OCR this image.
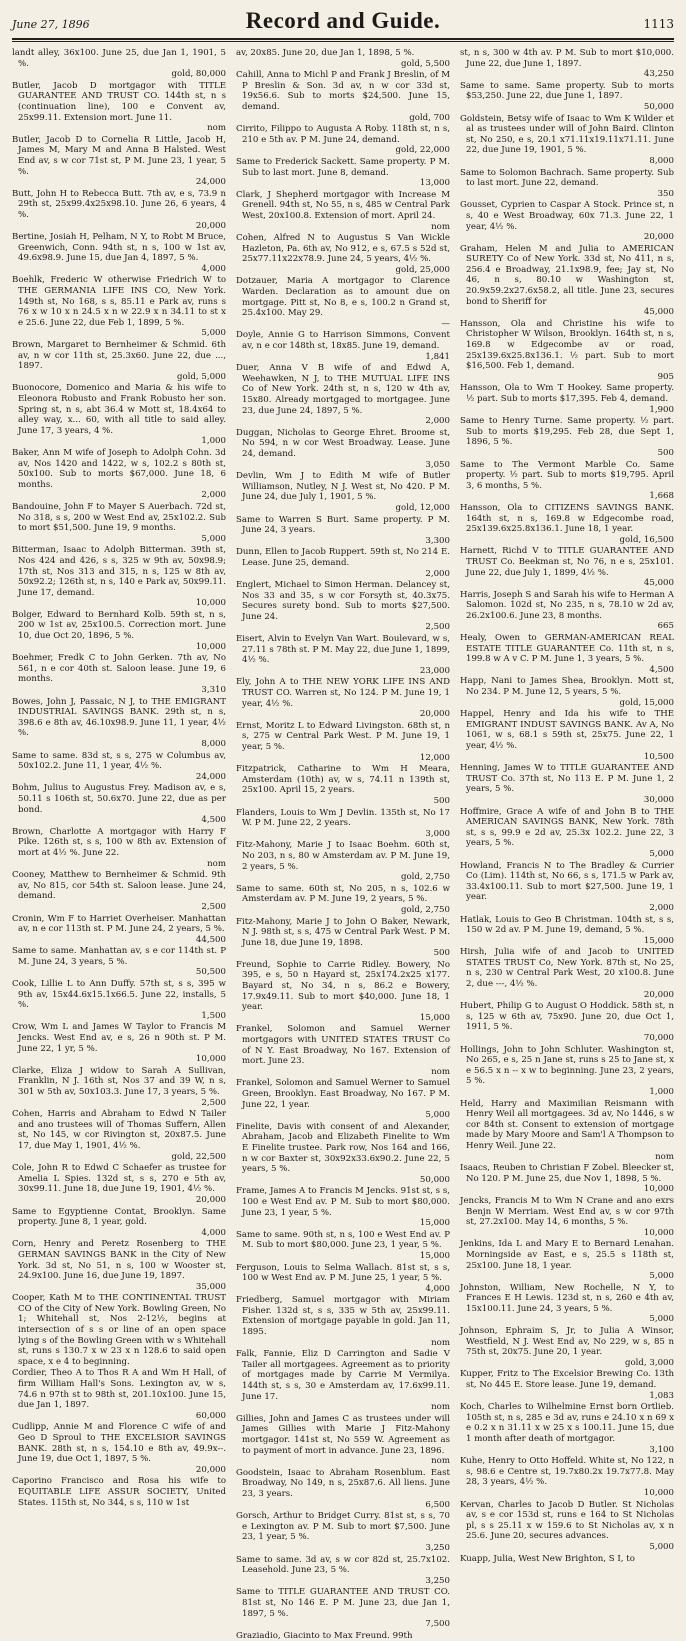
June 27, 1896	Record and Guide.	1113

landt alley, 36x100. June 25, due Jan 1, 1901, 5 %.
gold, 80,000

Butler, Jacob D mortgagor with TITLE GUARANTEE AND TRUST CO. 144th st, n s (continuation line), 100 e Convent av, 25x99.11. Extension mort. June 11.
nom

Butler, Jacob D to Cornelia R Little, Jacob H, James M, Mary M and Anna B Halsted. West End av, s w cor 71st st, P M. June 23, 1 year, 5 %.
24,000

Butt, John H to Rebecca Butt. 7th av, e s, 73.9 n 29th st, 25x99.4x25x98.10. June 26, 6 years, 4 %.
20,000

Bertine, Josiah H, Pelham, N Y, to Robt M Bruce, Greenwich, Conn. 94th st, n s, 100 w 1st av, 49.6x98.9. June 15, due Jan 4, 1897, 5 %.
4,000

Boehlk, Frederic W otherwise Friedrich W to THE GERMANIA LIFE INS CO, New York. 149th st, No 168, s s, 85.11 e Park av, runs s 76 x w 10 x n 24.5 x n w 22.9 x n 34.11 to st x e 25.6. June 22, due Feb 1, 1899, 5 %.
5,000

Brown, Margaret to Bernheimer & Schmid. 6th av, n w cor 11th st, 25.3x60. June 22, due ..., 1897.
gold, 5,000

Buonocore, Domenico and Maria & his wife to Eleonora Robusto and Frank Robusto her son. Spring st, n s, abt 36.4 w Mott st, 18.4x64 to alley way, x... 60, with all title to said alley. June 17, 3 years, 4 %.
1,000

Baker, Ann M wife of Joseph to Adolph Cohn. 3d av, Nos 1420 and 1422, w s, 102.2 s 80th st, 50x100. Sub to morts $67,000. June 18, 6 months.
2,000

Bandouine, John F to Mayer S Auerbach. 72d st, No 318, s s, 200 w West End av, 25x102.2. Sub to mort $51,500. June 19, 9 months.
5,000

Bitterman, Isaac to Adolph Bitterman. 39th st, Nos 424 and 426, s s, 325 w 9th av, 50x98.9; 17th st, Nos 313 and 315, n s, 125 w 8th av, 50x92.2; 126th st, n s, 140 e Park av, 50x99.11. June 17, demand.
10,000

Bolger, Edward to Bernhard Kolb. 59th st, n s, 200 w 1st av, 25x100.5. Correction mort. June 10, due Oct 20, 1896, 5 %.
10,000

Boehmer, Fredk C to John Gerken. 7th av, No 561, n e cor 40th st. Saloon lease. June 19, 6 months.
3,310

Bowes, John J, Passaic, N J, to THE EMIGRANT INDUSTRIAL SAVINGS BANK. 29th st, n s, 398.6 e 8th av, 46.10x98.9. June 11, 1 year, 4½ %.
8,000

Same to same. 83d st, s s, 275 w Columbus av, 50x102.2. June 11, 1 year, 4½ %.
24,000

Bohm, Julius to Augustus Frey. Madison av, e s, 50.11 s 106th st, 50.6x70. June 22, due as per bond.
4,500

Brown, Charlotte A mortgagor with Harry F Pike. 126th st, s s, 100 w 8th av. Extension of mort at 4½ %. June 22.
nom

Cooney, Matthew to Bernheimer & Schmid. 9th av, No 815, cor 54th st. Saloon lease. June 24, demand.
2,500

Cronin, Wm F to Harriet Overheiser. Manhattan av, n e cor 113th st. P M. June 24, 2 years, 5 %.
44,500

Same to same. Manhattan av, s e cor 114th st. P M. June 24, 3 years, 5 %.
50,500

Cook, Lillie L to Ann Duffy. 57th st, s s, 395 w 9th av, 15x44.6x15.1x66.5. June 22, installs, 5 %.
1,500

Crow, Wm L and James W Taylor to Francis M Jencks. West End av, e s, 26 n 90th st. P M. June 22, 1 yr, 5 %.
10,000

Clarke, Eliza J widow to Sarah A Sullivan, Franklin, N J. 16th st, Nos 37 and 39 W, n s, 301 w 5th av, 50x103.3. June 17, 3 years, 5 %.
2,500

Cohen, Harris and Abraham to Edwd N Tailer and ano trustees will of Thomas Suffern, Allen st, No 145, w cor Rivington st, 20x87.5. June 17, due May 1, 1901, 4½ %.
gold, 22,500

Cole, John R to Edwd C Schaefer as trustee for Amelia L Spies. 132d st, s s, 270 e 5th av, 30x99.11. June 18, due June 19, 1901, 4½ %.
20,000

Same to Egyptienne Contat, Brooklyn. Same property. June 8, 1 year, gold.
4,000

Corn, Henry and Peretz Rosenberg to THE GERMAN SAVINGS BANK in the City of New York. 3d st, No 51, n s, 100 w Wooster st, 24.9x100. June 16, due June 19, 1897.
35,000

Cooper, Kath M to THE CONTINENTAL TRUST CO of the City of New York. Bowling Green, No 1; Whitehall st, Nos 2-12½, begins at intersection of s s or line of an open space lying s of the Bowling Green with w s Whitehall st, runs s 130.7 x w 23 x n 128.6 to said open space, x e 4 to beginning.

Cordier, Theo A to Thos R A and Wm H Hall, of firm William Hall's Sons. Lexington av, w s, 74.6 n 97th st to 98th st, 201.10x100. June 15, due Jan 1, 1897.
60,000

Cudlipp, Annie M and Florence C wife of and Geo D Sproul to THE EXCELSIOR SAVINGS BANK. 28th st, n s, 154.10 e 8th av, 49.9x--. June 19, due Oct 1, 1897, 5 %.
20,000

Caporino Francisco and Rosa his wife to EQUITABLE LIFE ASSUR SOCIETY, United States. 115th st, No 344, s s, 110 w 1st

av, 20x85. June 20, due Jan 1, 1898, 5 %.
gold, 5,500

Cahill, Anna to Michl P and Frank J Breslin, of M P Breslin & Son. 3d av, n w cor 33d st, 19x56.6. Sub to morts $24,500. June 15, demand.
gold, 700

Cirrito, Filippo to Augusta A Roby. 118th st, n s, 210 e 5th av. P M. June 24, demand.
gold, 22,000

Same to Frederick Sackett. Same property. P M. Sub to last mort. June 8, demand.
13,000

Clark, J Shepherd mortgagor with Increase M Grenell. 94th st, No 55, n s, 485 w Central Park West, 20x100.8. Extension of mort. April 24.
nom

Cohen, Alfred N to Augustus S Van Wickle Hazleton, Pa. 6th av, No 912, e s, 67.5 s 52d st, 25x77.11x22x78.9. June 24, 5 years, 4½ %.
gold, 25,000

Dotzauer, Maria A mortgagor to Clarence Warden. Declaration as to amount due on mortgage. Pitt st, No 8, e s, 100.2 n Grand st, 25.4x100. May 29.
—

Doyle, Annie G to Harrison Simmons, Convent av, n e cor 148th st, 18x85. June 19, demand.
1,841

Duer, Anna V B wife of and Edwd A, Weehawken, N J, to THE MUTUAL LIFE INS Co of New York. 24th st, n s, 120 w 4th av, 15x80. Already mortgaged to mortgagee. June 23, due June 24, 1897, 5 %.
2,000

Duggan, Nicholas to George Ehret. Broome st, No 594, n w cor West Broadway. Lease. June 24, demand.
3,050

Devlin, Wm J to Edith M wife of Butler Williamson, Nutley, N J. West st, No 420. P M. June 24, due July 1, 1901, 5 %.
gold, 12,000

Same to Warren S Burt. Same property. P M. June 24, 3 years.
3,300

Dunn, Ellen to Jacob Ruppert. 59th st, No 214 E. Lease. June 25, demand.
2,000

Englert, Michael to Simon Herman. Delancey st, Nos 33 and 35, s w cor Forsyth st, 40.3x75. Secures surety bond. Sub to morts $27,500. June 24.
2,500

Eisert, Alvin to Evelyn Van Wart. Boulevard, w s, 27.11 s 78th st. P M. May 22, due June 1, 1899, 4½ %.
23,000

Ely, John A to THE NEW YORK LIFE INS AND TRUST CO. Warren st, No 124. P M. June 19, 1 year, 4½ %.
20,000

Ernst, Moritz L to Edward Livingston. 68th st, n s, 275 w Central Park West. P M. June 19, 1 year, 5 %.
12,000

Fitzpatrick, Catharine to Wm H Meara, Amsterdam (10th) av, w s, 74.11 n 139th st, 25x100. April 15, 2 years.
500

Flanders, Louis to Wm J Devlin. 135th st, No 17 W. P M. June 22, 2 years.
3,000

Fitz-Mahony, Marie J to Isaac Boehm. 60th st, No 203, n s, 80 w Amsterdam av. P M. June 19, 2 years, 5 %.
gold, 2,750

Same to same. 60th st, No 205, n s, 102.6 w Amsterdam av. P M. June 19, 2 years, 5 %.
gold, 2,750

Fitz-Mahony, Marie J to John O Baker, Newark, N J. 98th st, s s, 475 w Central Park West. P M. June 18, due June 19, 1898.
500

Freund, Sophie to Carrie Ridley. Bowery, No 395, e s, 50 n Hayard st, 25x174.2x25 x177. Bayard st, No 34, n s, 86.2 e Bowery, 17.9x49.11. Sub to mort $40,000. June 18, 1 year.
15,000

Frankel, Solomon and Samuel Werner mortgagors with UNITED STATES TRUST Co of N Y. East Broadway, No 167. Extension of mort. June 23.
nom

Frankel, Solomon and Samuel Werner to Samuel Green, Brooklyn. East Broadway, No 167. P M. June 22, 1 year.
5,000

Finelite, Davis with consent of and Alexander, Abraham, Jacob and Elizabeth Finelite to Wm E Finelite trustee. Park row, Nos 164 and 166, n w cor Baxter st, 30x92x33.6x90.2. June 22, 5 years, 5 %.
50,000

Frame, James A to Francis M Jencks. 91st st, s s, 100 e West End av. P M. Sub to mort $80,000. June 23, 1 year, 5 %.
15,000

Same to same. 90th st, n s, 100 e West End av. P M. Sub to mort $80,000. June 23, 1 year, 5 %.
15,000

Ferguson, Louis to Selma Wallach. 81st st, s s, 100 w West End av. P M. June 25, 1 year, 5 %.
4,000

Friedberg, Samuel mortgagor with Miriam Fisher. 132d st, s s, 335 w 5th av, 25x99.11. Extension of mortgage payable in gold. Jan 11, 1895.
nom

Falk, Fannie, Eliz D Carrington and Sadie V Tailer all mortgagees. Agreement as to priority of mortgages made by Carrie M Vermilya. 144th st, s s, 30 e Amsterdam av, 17.6x99.11. June 17.
nom

Gillies, John and James C as trustees under will James Gillies with Marie J Fitz-Mahony mortgagor. 141st st, No 559 W. Agreement as to payment of mort in advance. June 23, 1896.
nom

Goodstein, Isaac to Abraham Rosenblum. East Broadway, No 149, n s, 25x87.6. All liens. June 23, 3 years.
6,500

Gorsch, Arthur to Bridget Curry. 81st st, s s, 70 e Lexington av. P M. Sub to mort $7,500. June 23, 1 year, 5 %.
3,250

Same to same. 3d av, s w cor 82d st, 25.7x102. Leasehold. June 23, 5 %.
3,250

Same to TITLE GUARANTEE AND TRUST CO. 81st st, No 146 E. P M. June 23, due Jan 1, 1897, 5 %.
7,500

Graziadio, Giacinto to Max Freund. 99th

st, n s, 300 w 4th av. P M. Sub to mort $10,000. June 22, due June 1, 1897.
43,250

Same to same. Same property. Sub to morts $53,250. June 22, due June 1, 1897.
50,000

Goldstein, Betsy wife of Isaac to Wm K Wilder et al as trustees under will of John Baird. Clinton st, No 250, e s, 20.1 x71.11x19.11x71.11. June 22, due June 19, 1901, 5 %.
8,000

Same to Solomon Bachrach. Same property. Sub to last mort. June 22, demand.
350

Gousset, Cyprien to Caspar A Stock. Prince st, n s, 40 e West Broadway, 60x 71.3. June 22, 1 year, 4½ %.
20,000

Graham, Helen M and Julia to AMERICAN SURETY Co of New York. 33d st, No 411, n s, 256.4 e Broadway, 21.1x98.9, fee; Jay st, No 46, n s, 80.10 w Washington st, 20.9x59.2x27.6x58.2, all title. June 23, secures bond to Sheriff for
45,000

Hansson, Ola and Christine his wife to Christopher W Wilson, Brooklyn. 164th st, n s, 169.8 w Edgecombe av or road, 25x139.6x25.8x136.1. ½ part. Sub to mort $16,500. Feb 1, demand.
905

Hansson, Ola to Wm T Hookey. Same property. ½ part. Sub to morts $17,395. Feb 4, demand.
1,900

Same to Henry Turne. Same property. ½ part. Sub to morts $19,295. Feb 28, due Sept 1, 1896, 5 %.
500

Same to The Vermont Marble Co. Same property. ½ part. Sub to morts $19,795. April 3, 6 months, 5 %.
1,668

Hansson, Ola to CITIZENS SAVINGS BANK. 164th st, n s, 169.8 w Edgecombe road, 25x139.6x25.8x136.1. June 18, 1 year.
gold, 16,500

Harnett, Richd V to TITLE GUARANTEE AND TRUST Co. Beekman st, No 76, n e s, 25x101. June 22, due July 1, 1899, 4½ %.
45,000

Harris, Joseph S and Sarah his wife to Herman A Salomon. 102d st, No 235, n s, 78.10 w 2d av, 26.2x100.6. June 23, 8 months.
665

Healy, Owen to GERMAN-AMERICAN REAL ESTATE TITLE GUARANTEE Co. 11th st, n s, 199.8 w A v C. P M. June 1, 3 years, 5 %.
4,500

Happ, Nani to James Shea, Brooklyn. Mott st, No 234. P M. June 12, 5 years, 5 %.
gold, 15,000

Happel, Henry and Ida his wife to THE EMIGRANT INDUST SAVINGS BANK. Av A, No 1061, w s, 68.1 s 59th st, 25x75. June 22, 1 year, 4½ %.
10,500

Henning, James W to TITLE GUARANTEE AND TRUST Co. 37th st, No 113 E. P M. June 1, 2 years, 5 %.
30,000

Hoffmire, Grace A wife of and John B to THE AMERICAN SAVINGS BANK, New York. 78th st, s s, 99.9 e 2d av, 25.3x 102.2. June 22, 3 years, 5 %.
5,000

Howland, Francis N to The Bradley & Currier Co (Lim). 114th st, No 66, s s, 171.5 w Park av, 33.4x100.11. Sub to mort $27,500. June 19, 1 year.
2,000

Hatlak, Louis to Geo B Christman. 104th st, s s, 150 w 2d av. P M. June 19, demand, 5 %.
15,000

Hirsh, Julia wife of and Jacob to UNITED STATES TRUST Co, New York. 87th st, No 25, n s, 230 w Central Park West, 20 x100.8. June 2, due ---, 4½ %.
20,000

Hubert, Philip G to August O Hoddick. 58th st, n s, 125 w 6th av, 75x90. June 20, due Oct 1, 1911, 5 %.
70,000

Hollings, John to John Schluter. Washington st, No 265, e s, 25 n Jane st, runs s 25 to Jane st, x e 56.5 x n -- x w to beginning. June 23, 2 years, 5 %.
1,000

Held, Harry and Maximilian Reismann with Henry Weil all mortgagees. 3d av, No 1446, s w cor 84th st. Consent to extension of mortgage made by Mary Moore and Sam'l A Thompson to Henry Weil. June 22.
nom

Isaacs, Reuben to Christian F Zobel. Bleecker st, No 120. P M. June 25, due Nov 1, 1898, 5 %.
10,000

Jencks, Francis M to Wm N Crane and ano exrs Benjn W Merriam. West End av, s w cor 97th st, 27.2x100. May 14, 6 months, 5 %.
10,000

Jenkins, Ida L and Mary E to Bernard Lenahan. Morningside av East, e s, 25.5 s 118th st, 25x100. June 18, 1 year.
5,000

Johnston, William, New Rochelle, N Y, to Frances E H Lewis. 123d st, n s, 260 e 4th av, 15x100.11. June 24, 3 years, 5 %.
5,000

Johnson, Ephraim S, Jr, to Julia A Winsor, Westfield, N J. West End av, No 229, w s, 85 n 75th st, 20x75. June 20, 1 year.
gold, 3,000

Kupper, Fritz to The Excelsior Brewing Co. 13th st, No 445 E. Store lease. June 19, demand.
1,083

Koch, Charles to Wilhelmine Ernst born Ortlieb. 105th st, n s, 285 e 3d av, runs e 24.10 x n 69 x e 0.2 x n 31.11 x w 25 x s 100.11. June 15, due 1 month after death of mortgagor.
3,100

Kuhe, Henry to Otto Hoffeld. White st, No 122, n s, 98.6 e Centre st, 19.7x80.2x 19.7x77.8. May 28, 3 years, 4½ %.
10,000

Kervan, Charles to Jacob D Butler. St Nicholas av, s e cor 153d st, runs e 164 to St Nicholas pl, s s 25.11 x w 159.6 to St Nicholas av, x n 25.6. June 20, secures advances.
5,000

Kuapp, Julia, West New Brighton, S I, to
